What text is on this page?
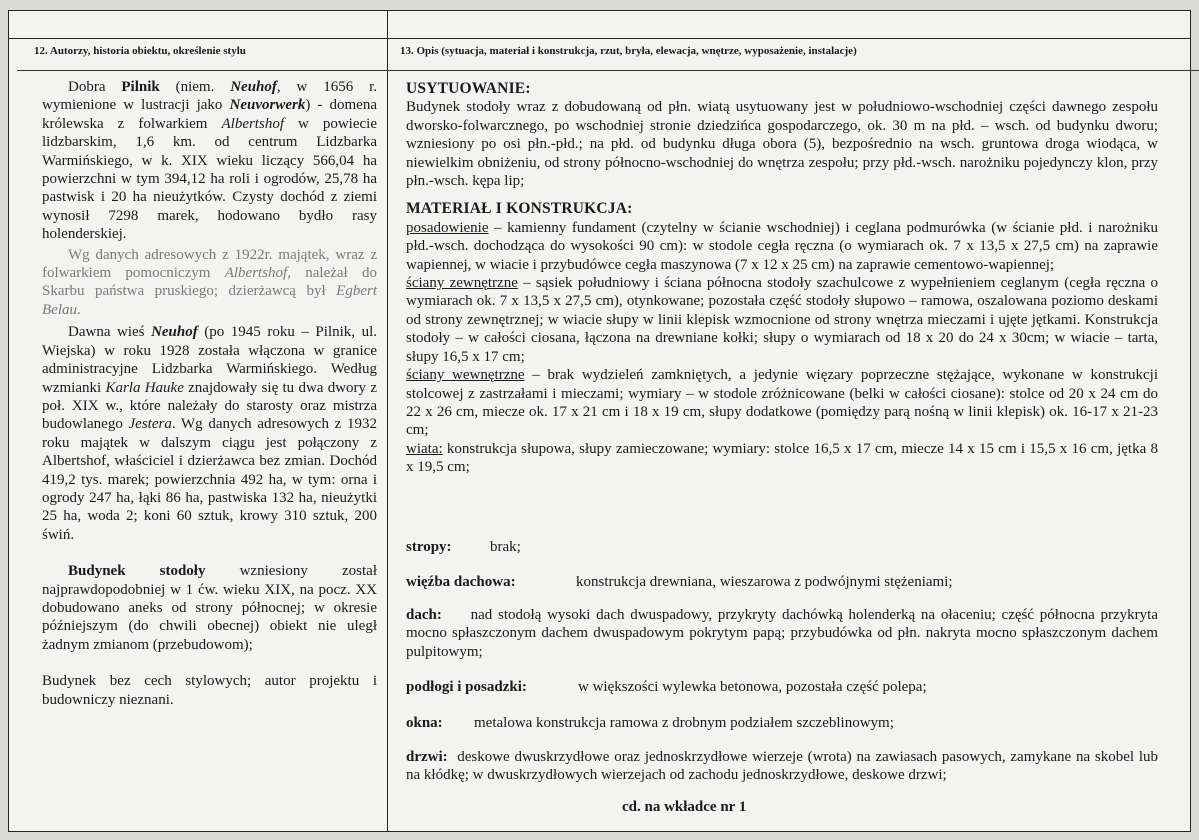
12. Autorzy, historia obiektu, określenie stylu

Dobra Pilnik (niem. Neuhof, w 1656 r. wymienione w lustracji jako Neuvorwerk) - domena królewska z folwarkiem Albertshof w powiecie lidzbarskim, 1,6 km. od centrum Lidzbarka Warmińskiego, w k. XIX wieku liczący 566,04 ha powierzchni w tym 394,12 ha roli i ogrodów, 25,78 ha pastwisk i 20 ha nieużytków. Czysty dochód z ziemi wynosił 7298 marek, hodowano bydło rasy holenderskiej.

Wg danych adresowych z 1922r. majątek, wraz z folwarkiem pomocniczym Albertshof, należał do Skarbu państwa pruskiego; dzierżawcą był Egbert Belau.

Dawna wieś Neuhof (po 1945 roku – Pilnik, ul. Wiejska) w roku 1928 została włączona w granice administracyjne Lidzbarka Warmińskiego. Według wzmianki Karla Hauke znajdowały się tu dwa dwory z poł. XIX w., które należały do starosty oraz mistrza budowlanego Jestera. Wg danych adresowych z 1932 roku majątek w dalszym ciągu jest połączony z Albertshof, właściciel i dzierżawca bez zmian. Dochód 419,2 tys. marek; powierzchnia 492 ha, w tym: orna i ogrody 247 ha, łąki 86 ha, pastwiska 132 ha, nieużytki 25 ha, woda 2; koni 60 sztuk, krowy 310 sztuk, 200 świń.

Budynek stodoły wzniesiony został najprawdopodobniej w 1 ćw. wieku XIX, na pocz. XX dobudowano aneks od strony północnej; w okresie późniejszym (do chwili obecnej) obiekt nie uległ żadnym zmianom (przebudowom);

Budynek bez cech stylowych; autor projektu i budowniczy nieznani.

13. Opis (sytuacja, materiał i konstrukcja, rzut, bryła, elewacja, wnętrze, wyposażenie, instalacje)

USYTUOWANIE:

Budynek stodoły wraz z dobudowaną od płn. wiatą usytuowany jest w południowo-wschodniej części dawnego zespołu dworsko-folwarcznego, po wschodniej stronie dziedzińca gospodarczego, ok. 30 m na płd. – wsch. od budynku dworu; wzniesiony po osi płn.-płd.; na płd. od budynku długa obora (5), bezpośrednio na wsch. gruntowa droga wiodąca, w niewielkim obniżeniu, od strony północno-wschodniej do wnętrza zespołu; przy płd.-wsch. narożniku pojedynczy klon, przy płn.-wsch. kępa lip;

MATERIAŁ I KONSTRUKCJA:

posadowienie – kamienny fundament (czytelny w ścianie wschodniej) i ceglana podmurówka (w ścianie płd. i narożniku płd.-wsch. dochodząca do wysokości 90 cm): w stodole cegła ręczna (o wymiarach ok. 7 x 13,5 x 27,5 cm) na zaprawie wapiennej, w wiacie i przybudówce cegła maszynowa (7 x 12 x 25 cm) na zaprawie cementowo-wapiennej;

ściany zewnętrzne – sąsiek południowy i ściana północna stodoły szachulcowe z wypełnieniem ceglanym (cegła ręczna o wymiarach ok. 7 x 13,5 x 27,5 cm), otynkowane; pozostała część stodoły słupowo – ramowa, oszalowana poziomo deskami od strony zewnętrznej; w wiacie słupy w linii klepisk wzmocnione od strony wnętrza mieczami i ujęte jętkami. Konstrukcja stodoły – w całości ciosana, łączona na drewniane kołki; słupy o wymiarach od 18 x 20 do 24 x 30cm; w wiacie – tarta, słupy 16,5 x 17 cm;

ściany wewnętrzne – brak wydzieleń zamkniętych, a jedynie więzary poprzeczne stężające, wykonane w konstrukcji stolcowej z zastrzałami i mieczami; wymiary – w stodole zróżnicowane (belki w całości ciosane): stolce od 20 x 24 cm do 22 x 26 cm, miecze ok. 17 x 21 cm i 18 x 19 cm, słupy dodatkowe (pomiędzy parą nośną w linii klepisk) ok. 16-17 x 21-23 cm;

wiata: konstrukcja słupowa, słupy zamieczowane; wymiary: stolce 16,5 x 17 cm, miecze 14 x 15 cm i 15,5 x 16 cm, jętka 8 x 19,5 cm;

stropy:	brak;
więźba dachowa:	konstrukcja drewniana, wieszarowa z podwójnymi stężeniami;

dach: nad stodołą wysoki dach dwuspadowy, przykryty dachówką holenderką na ołaceniu; część północna przykryta mocno spłaszczonym dachem dwuspadowym pokrytym papą; przybudówka od płn. nakryta mocno spłaszczonym dachem pulpitowym;

podłogi i posadzki:	w większości wylewka betonowa, pozostała część polepa;
okna: metalowa konstrukcja ramowa z drobnym podziałem szczeblinowym;

drzwi: deskowe dwuskrzydłowe oraz jednoskrzydłowe wierzeje (wrota) na zawiasach pasowych, zamykane na skobel lub na kłódkę; w dwuskrzydłowych wierzejach od zachodu jednoskrzydłowe, deskowe drzwi;

cd. na wkładce nr 1
